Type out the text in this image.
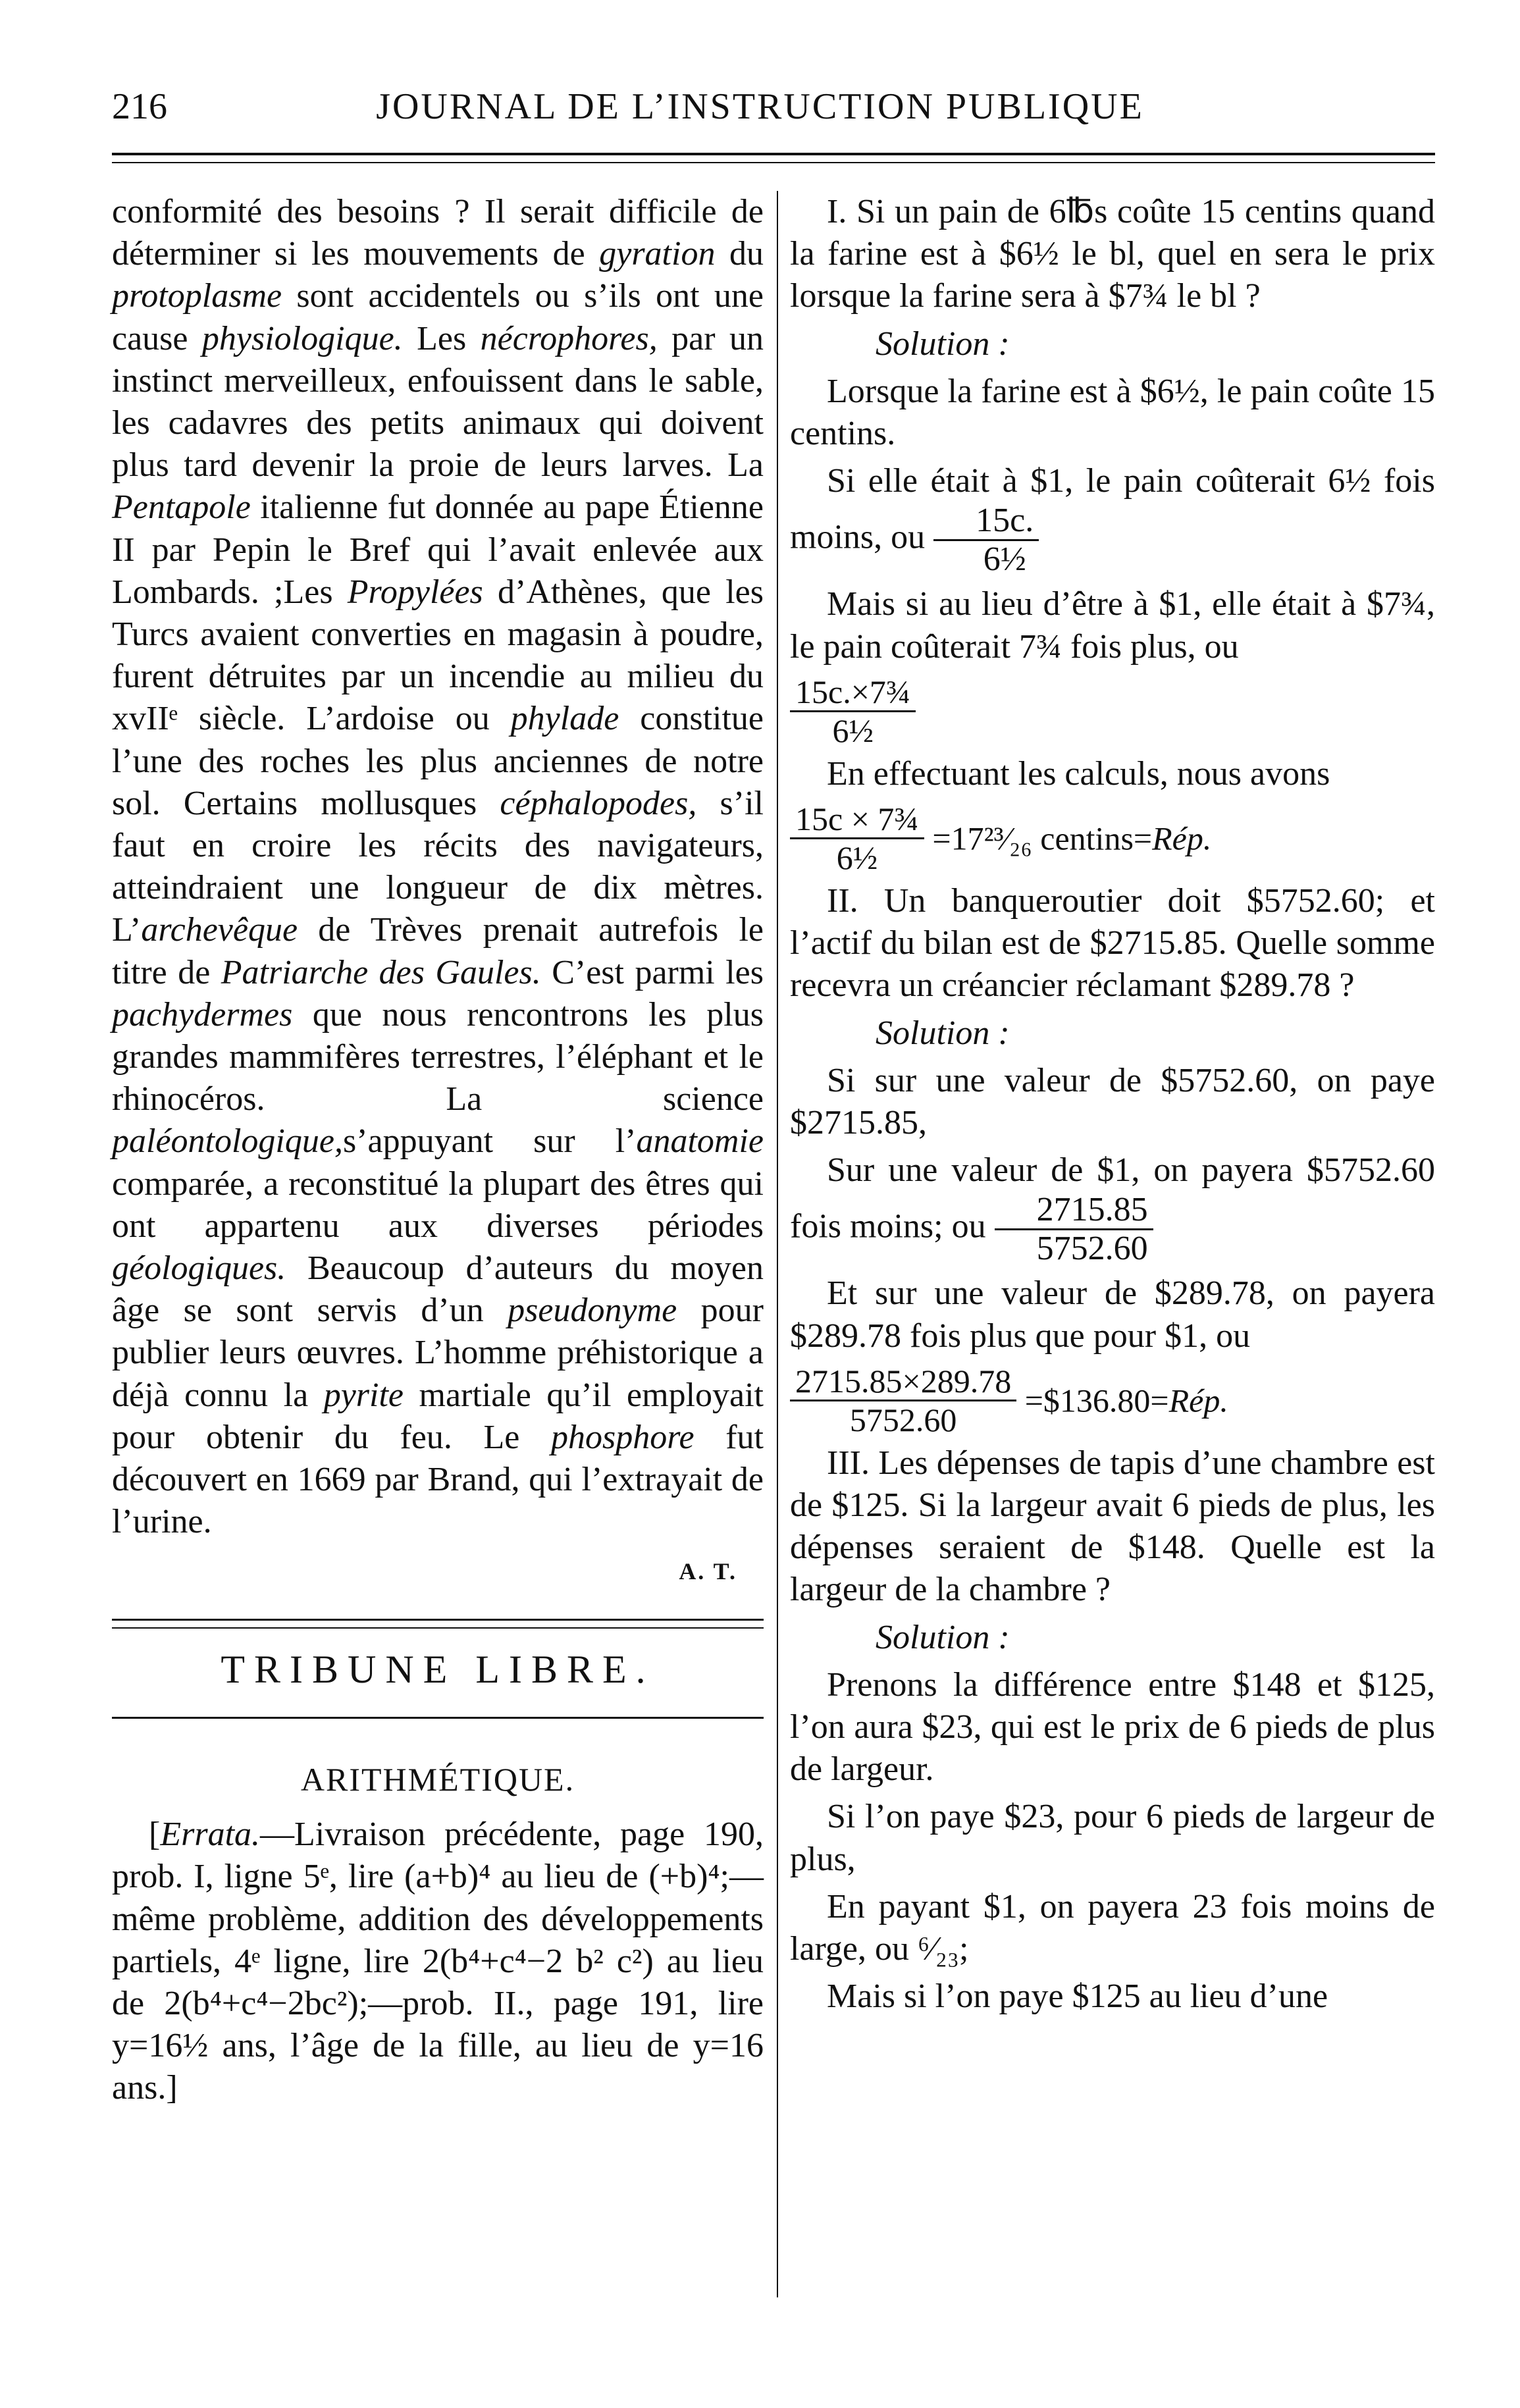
216	JOURNAL DE L’INSTRUCTION PUBLIQUE

conformité des besoins ? Il serait difficile de déterminer si les mouvements de gyration du protoplasme sont accidentels ou s’ils ont une cause physiologique. Les nécrophores, par un instinct merveilleux, enfouissent dans le sable, les cadavres des petits animaux qui doivent plus tard devenir la proie de leurs larves. La Pentapole italienne fut donnée au pape Étienne II par Pepin le Bref qui l’avait enlevée aux Lombards. ;Les Propylées d’Athènes, que les Turcs avaient converties en magasin à poudre, furent détruites par un incendie au milieu du xvIIᵉ siècle. L’ardoise ou phylade constitue l’une des roches les plus anciennes de notre sol. Certains mollusques céphalopodes, s’il faut en croire les récits des navigateurs, atteindraient une longueur de dix mètres. L’archevêque de Trèves prenait autrefois le titre de Patriarche des Gaules. C’est parmi les pachydermes que nous rencontrons les plus grandes mammifères terrestres, l’éléphant et le rhinocéros. La science paléontologique,s’appuyant sur l’anatomie comparée, a reconstitué la plupart des êtres qui ont appartenu aux diverses périodes géologiques. Beaucoup d’auteurs du moyen âge se sont servis d’un pseudonyme pour publier leurs œuvres. L’homme préhistorique a déjà connu la pyrite martiale qu’il employait pour obtenir du feu. Le phosphore fut découvert en 1669 par Brand, qui l’extrayait de l’urine.

A. T.

TRIBUNE LIBRE.

ARITHMÉTIQUE.

[Errata.—Livraison précédente, page 190, prob. I, ligne 5ᵉ, lire (a+b)⁴ au lieu de (+b)⁴;—même problème, addition des développements partiels, 4ᵉ ligne, lire 2(b⁴+c⁴−2 b² c²) au lieu de 2(b⁴+c⁴−2bc²);—prob. II., page 191, lire y=16½ ans, l’âge de la fille, au lieu de y=16 ans.]

I. Si un pain de 6℔s coûte 15 centins quand la farine est à $6½ le bl, quel en sera le prix lorsque la farine sera à $7¾ le bl ?

Solution :

Lorsque la farine est à $6½, le pain coûte 15 centins.

Si elle était à $1, le pain coûterait 6½ fois moins, ou $\frac{15c.}{\text{6½}}$

Mais si au lieu d’être à $1, elle était à $7¾, le pain coûterait 7¾ fois plus, ou

$\frac{\text{15c.×7¾}}{\text{6½}}$

En effectuant les calculs, nous avons

$\frac{\text{15c × 7¾}}{\text{6½}}$ =17²³⁄₂₆ centins=Rép.

II. Un banqueroutier doit $5752.60; et l’actif du bilan est de $2715.85. Quelle somme recevra un créancier réclamant $289.78 ?

Solution :

Si sur une valeur de $5752.60, on paye $2715.85,

Sur une valeur de $1, on payera $5752.60 fois moins; ou $\frac{2715.85}{5752.60}$

Et sur une valeur de $289.78, on payera $289.78 fois plus que pour $1, ou

$\frac{2715.85\times 289.78}{5752.60}$ =$136.80=Rép.

III. Les dépenses de tapis d’une chambre est de $125. Si la largeur avait 6 pieds de plus, les dépenses seraient de $148. Quelle est la largeur de la chambre ?

Solution :

Prenons la différence entre $148 et $125, l’on aura $23, qui est le prix de 6 pieds de plus de largeur.

Si l’on paye $23, pour 6 pieds de largeur de plus,

En payant $1, on payera 23 fois moins de large, ou ⁶⁄₂₃;

Mais si l’on paye $125 au lieu d’une
